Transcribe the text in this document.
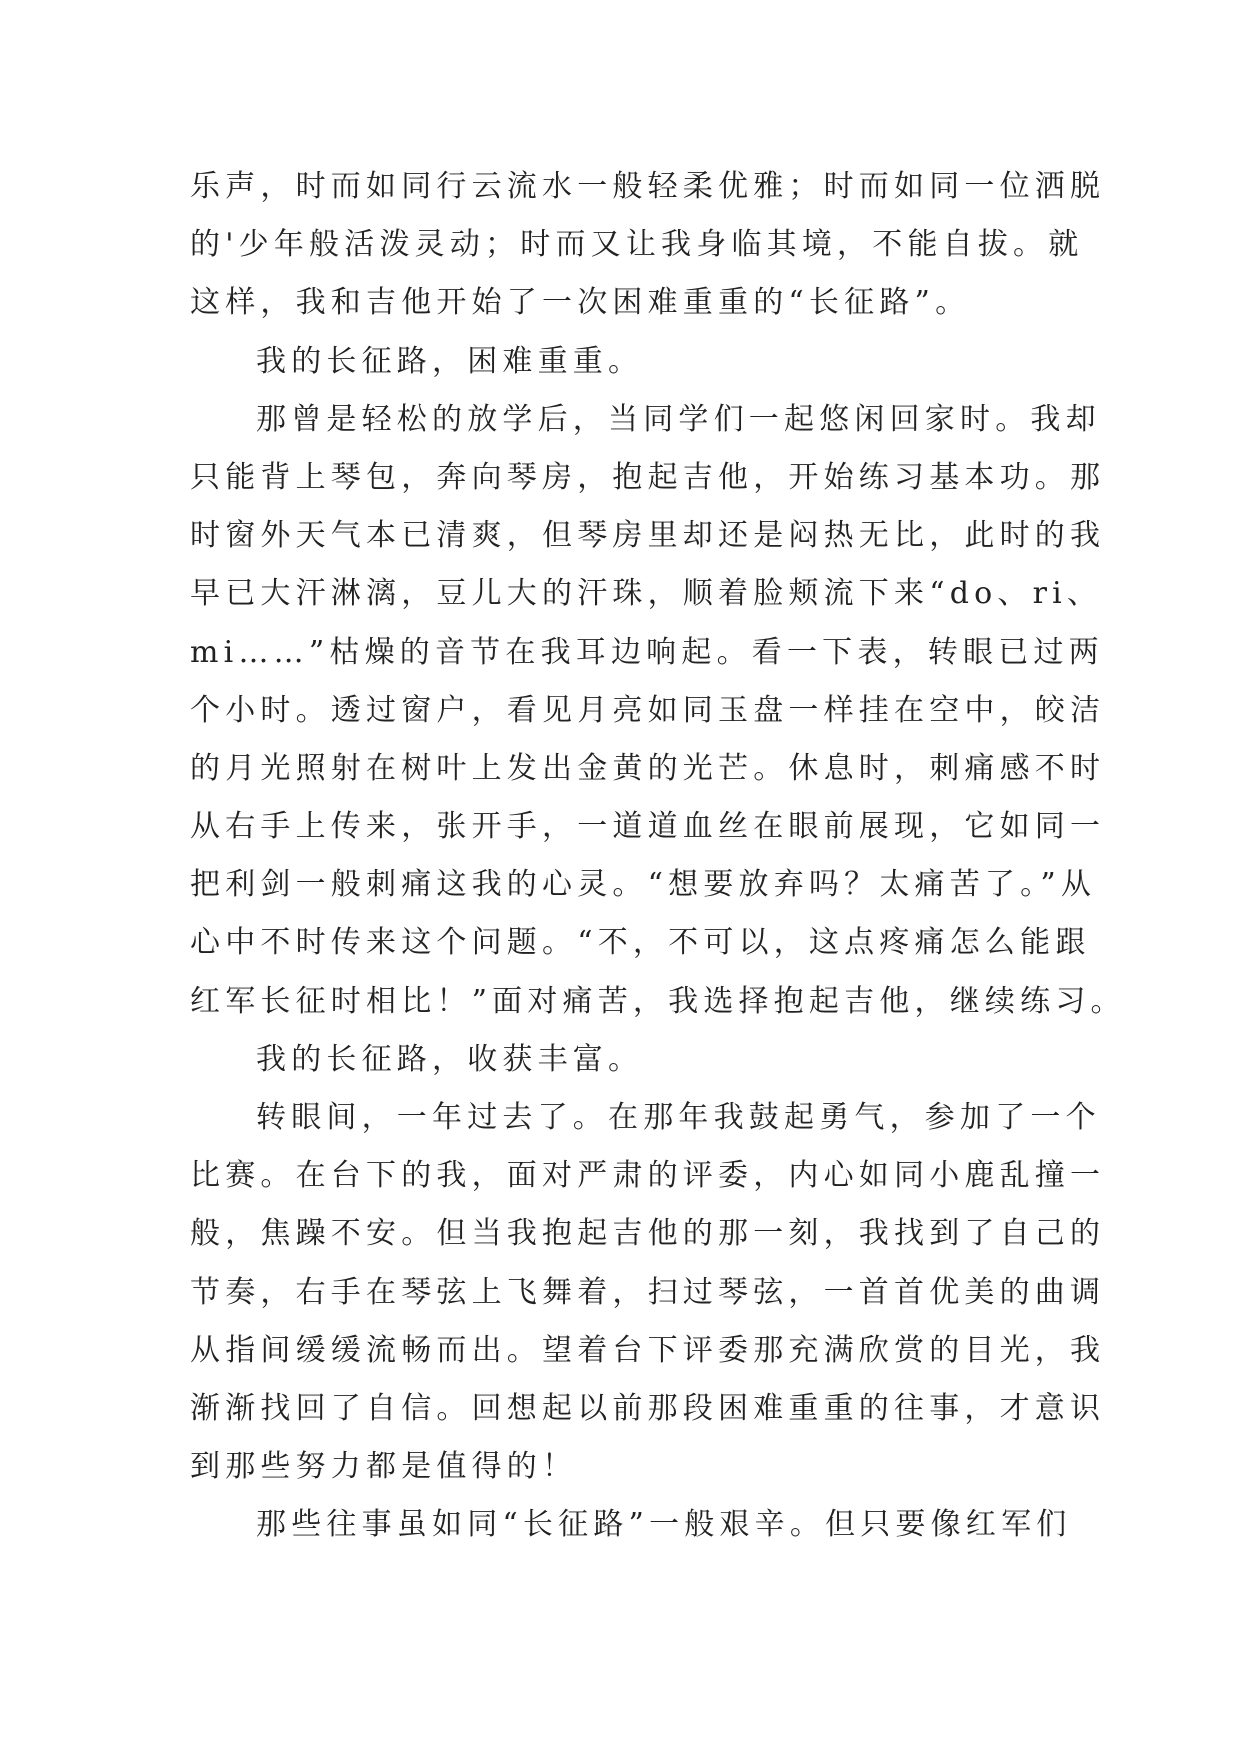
乐声，时而如同行云流水一般轻柔优雅；时而如同一位洒脱
的'少年般活泼灵动；时而又让我身临其境，不能自拔。就
这样，我和吉他开始了一次困难重重的“长征路”。
我的长征路，困难重重。
那曾是轻松的放学后，当同学们一起悠闲回家时。我却
只能背上琴包，奔向琴房，抱起吉他，开始练习基本功。那
时窗外天气本已清爽，但琴房里却还是闷热无比，此时的我
早已大汗淋漓，豆儿大的汗珠，顺着脸颊流下来“do、ri、
mi……”枯燥的音节在我耳边响起。看一下表，转眼已过两
个小时。透过窗户，看见月亮如同玉盘一样挂在空中，皎洁
的月光照射在树叶上发出金黄的光芒。休息时，刺痛感不时
从右手上传来，张开手，一道道血丝在眼前展现，它如同一
把利剑一般刺痛这我的心灵。“想要放弃吗？太痛苦了。”从
心中不时传来这个问题。“不，不可以，这点疼痛怎么能跟
红军长征时相比！”面对痛苦，我选择抱起吉他，继续练习。
我的长征路，收获丰富。
转眼间，一年过去了。在那年我鼓起勇气，参加了一个
比赛。在台下的我，面对严肃的评委，内心如同小鹿乱撞一
般，焦躁不安。但当我抱起吉他的那一刻，我找到了自己的
节奏，右手在琴弦上飞舞着，扫过琴弦，一首首优美的曲调
从指间缓缓流畅而出。望着台下评委那充满欣赏的目光，我
渐渐找回了自信。回想起以前那段困难重重的往事，才意识
到那些努力都是值得的！
那些往事虽如同“长征路”一般艰辛。但只要像红军们
